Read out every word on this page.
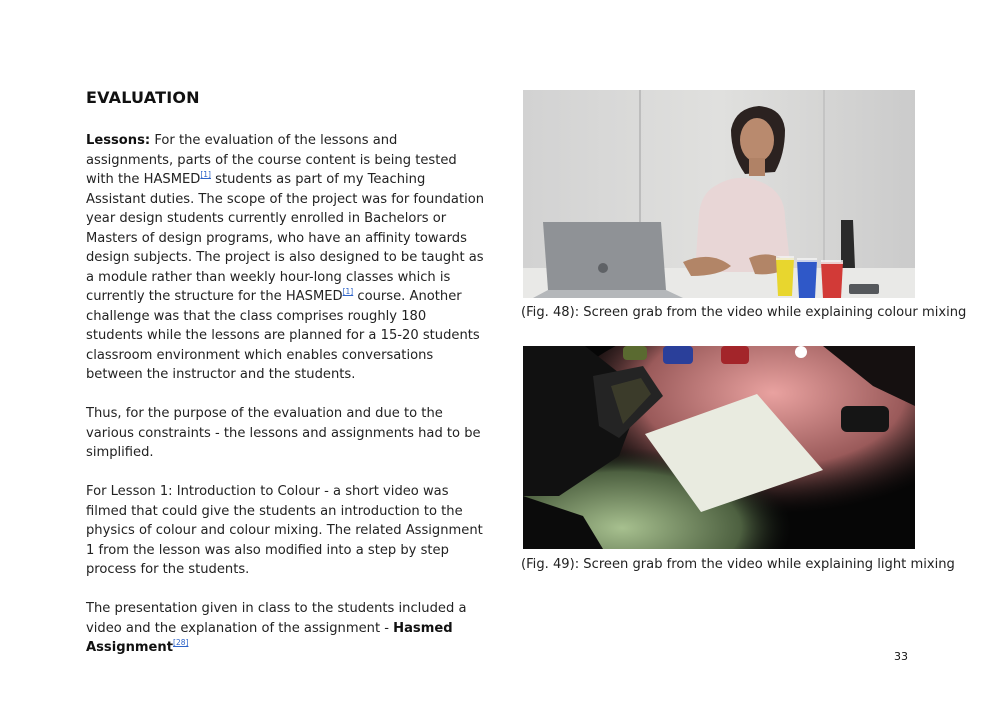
EVALUATION

Lessons: For the evaluation of the lessons and assignments, parts of the course content is being tested with the HASMED[1] students as part of my Teaching Assistant duties. The scope of the project was for foundation year design students currently enrolled in Bachelors or Masters of design programs, who have an affinity towards design subjects. The project is also designed to be taught as a module rather than weekly hour-long classes which is currently the structure for the HASMED[1] course. Another challenge was that the class comprises roughly 180 students while the lessons are planned for a 15-20 students classroom environment which enables conversations between the instructor and the students.

Thus, for the purpose of the evaluation and due to the various constraints - the lessons and assignments had to be simplified.

For Lesson 1: Introduction to Colour - a short video was filmed that could give the students an introduction to the physics of colour and colour mixing. The related Assignment 1 from the lesson was also modified into a step by step process for the students.

The presentation given in class to the students included a video and the explanation of the assignment - Hasmed Assignment[28]

(Fig. 48): Screen grab from the video while explaining colour mixing
(Fig. 49): Screen grab from the video while explaining light mixing
33
